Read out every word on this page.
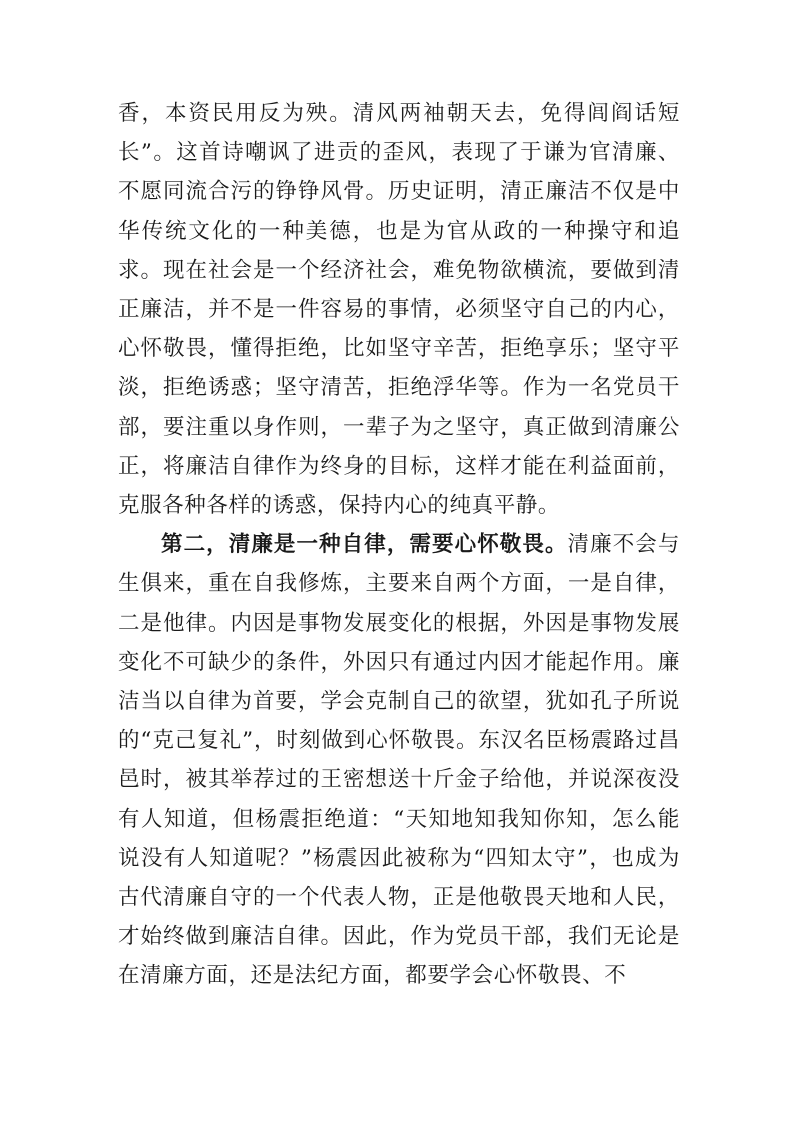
香，本资民用反为殃。清风两袖朝天去，免得闾阎话短长”。这首诗嘲讽了进贡的歪风，表现了于谦为官清廉、不愿同流合污的铮铮风骨。历史证明，清正廉洁不仅是中华传统文化的一种美德，也是为官从政的一种操守和追求。现在社会是一个经济社会，难免物欲横流，要做到清正廉洁，并不是一件容易的事情，必须坚守自己的内心，心怀敬畏，懂得拒绝，比如坚守辛苦，拒绝享乐；坚守平淡，拒绝诱惑；坚守清苦，拒绝浮华等。作为一名党员干部，要注重以身作则，一辈子为之坚守，真正做到清廉公正，将廉洁自律作为终身的目标，这样才能在利益面前，克服各种各样的诱惑，保持内心的纯真平静。

第二，清廉是一种自律，需要心怀敬畏。清廉不会与生俱来，重在自我修炼，主要来自两个方面，一是自律，二是他律。内因是事物发展变化的根据，外因是事物发展变化不可缺少的条件，外因只有通过内因才能起作用。廉洁当以自律为首要，学会克制自己的欲望，犹如孔子所说的“克己复礼”，时刻做到心怀敬畏。东汉名臣杨震路过昌邑时，被其举荐过的王密想送十斤金子给他，并说深夜没有人知道，但杨震拒绝道：“天知地知我知你知，怎么能说没有人知道呢？”杨震因此被称为“四知太守”，也成为古代清廉自守的一个代表人物，正是他敬畏天地和人民，才始终做到廉洁自律。因此，作为党员干部，我们无论是在清廉方面，还是法纪方面，都要学会心怀敬畏、不
